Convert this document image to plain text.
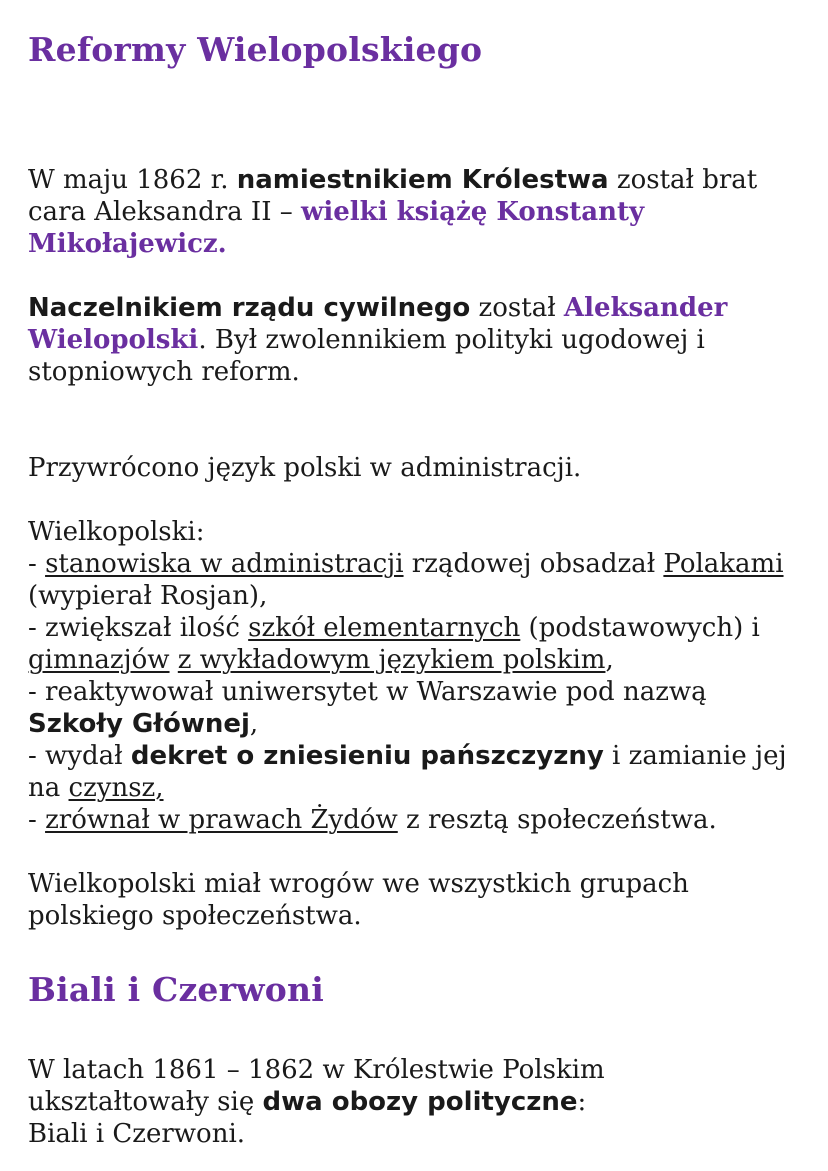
Reformy Wielopolskiego

W maju 1862 r. namiestnikiem Królestwa został brat cara Aleksandra II – wielki książę Konstanty Mikołajewicz.

Naczelnikiem rządu cywilnego został Aleksander Wielopolski. Był zwolennikiem polityki ugodowej i stopniowych reform.

Przywrócono język polski w administracji.

Wielkopolski:

- stanowiska w administracji rządowej obsadzał Polakami (wypierał Rosjan),

- zwiększał ilość szkół elementarnych (podstawowych) i gimnazjów z wykładowym językiem polskim,

- reaktywował uniwersytet w Warszawie pod nazwą Szkoły Głównej,

- wydał dekret o zniesieniu pańszczyzny i zamianie jej na czynsz,

- zrównał w prawach Żydów z resztą społeczeństwa.

Wielkopolski miał wrogów we wszystkich grupach polskiego społeczeństwa.

Biali i Czerwoni

W latach 1861 – 1862 w Królestwie Polskim ukształtowały się dwa obozy polityczne: Biali i Czerwoni.
